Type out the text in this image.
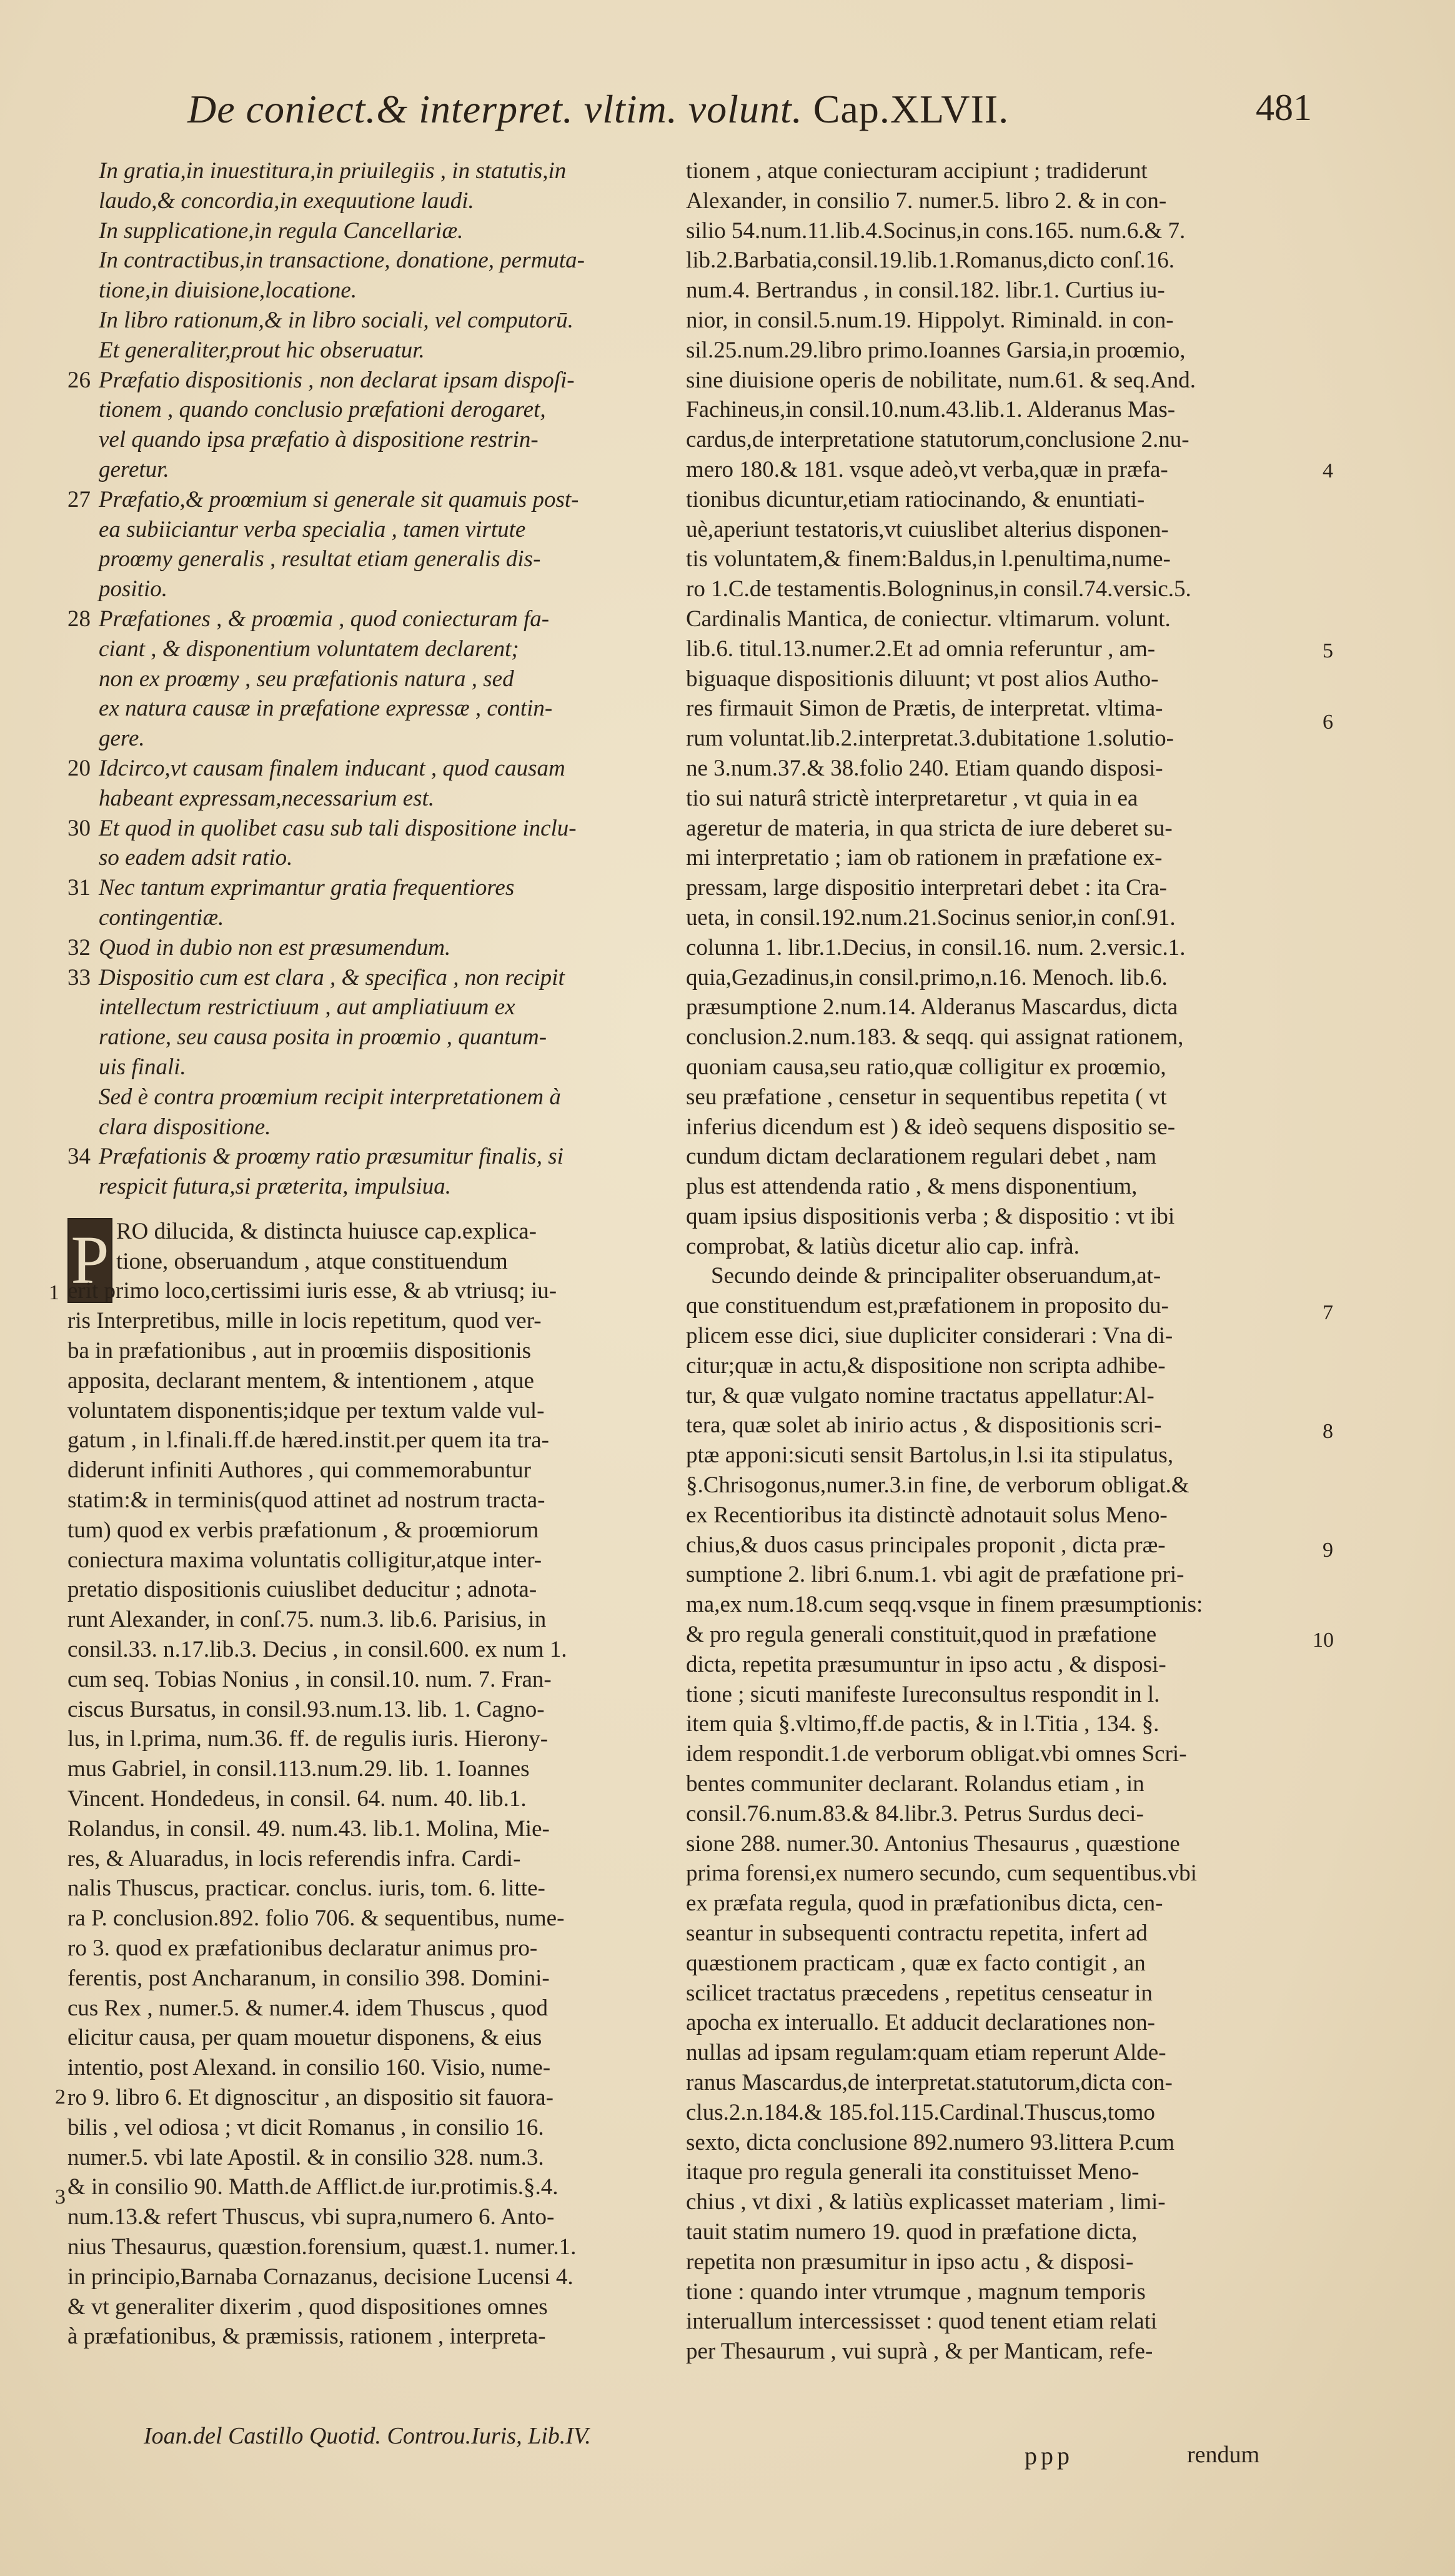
De coniect.& interpret. vltim. volunt. Cap.XLVII.	481
In gratia,in inuestitura,in priuilegiis , in statutis,in
laudo,& concordia,in exequutione laudi.
In supplicatione,in regula Cancellariæ.
In contractibus,in transactione, donatione, permuta-
tione,in diuisione,locatione.
In libro rationum,& in libro sociali, vel computorū.
Et generaliter,prout hic obseruatur.
26 Præfatio dispositionis , non declarat ipsam dispoſi-
tionem , quando conclusio præfationi derogaret,
vel quando ipsa præfatio à dispositione restrin-
geretur.
27 Præfatio,& proœmium si generale sit quamuis post-
ea subiiciantur verba specialia , tamen virtute
proœmy generalis , resultat etiam generalis dis-
positio.
28 Præfationes , & proœmia , quod coniecturam fa-
ciant , & disponentium voluntatem declarent;
non ex proœmy , seu præfationis natura , sed
ex natura causæ in præfatione expressæ , contin-
gere.
20 Idcirco,vt causam finalem inducant , quod causam
habeant expressam,necessarium est.
30 Et quod in quolibet casu sub tali dispositione inclu-
so eadem adsit ratio.
31 Nec tantum exprimantur gratia frequentiores
contingentiæ.
32 Quod in dubio non est præsumendum.
33 Dispositio cum est clara , & specifica , non recipit
intellectum restrictiuum , aut ampliatiuum ex
ratione, seu causa posita in proœmio , quantum-
uis finali.
Sed è contra proœmium recipit interpretationem à
clara dispositione.
34 Præfationis & proœmy ratio præsumitur finalis, si
respicit futura,si præterita, impulsiua.
P RO dilucida, & distincta huiusce cap.explica-
tione, obseruandum , atque constituendum
erit primo loco,certissimi iuris esse, & ab vtriusq; iu-
ris Interpretibus, mille in locis repetitum, quod ver-
ba in præfationibus , aut in proœmiis dispositionis
apposita, declarant mentem, & intentionem , atque
voluntatem disponentis;idque per textum valde vul-
gatum , in l.finali.ff.de hæred.instit.per quem ita tra-
diderunt infiniti Authores , qui commemorabuntur
statim:& in terminis(quod attinet ad nostrum tracta-
tum) quod ex verbis præfationum , & proœmiorum
coniectura maxima voluntatis colligitur,atque inter-
pretatio dispositionis cuiuslibet deducitur ; adnota-
runt Alexander, in conſ.75. num.3. lib.6. Parisius, in
consil.33. n.17.lib.3. Decius , in consil.600. ex num 1.
cum seq. Tobias Nonius , in consil.10. num. 7. Fran-
ciscus Bursatus, in consil.93.num.13. lib. 1. Cagno-
lus, in l.prima, num.36. ff. de regulis iuris. Hierony-
mus Gabriel, in consil.113.num.29. lib. 1. Ioannes
Vincent. Hondedeus, in consil. 64. num. 40. lib.1.
Rolandus, in consil. 49. num.43. lib.1. Molina, Mie-
res, & Aluaradus, in locis referendis infra. Cardi-
nalis Thuscus, practicar. conclus. iuris, tom. 6. litte-
ra P. conclusion.892. folio 706. & sequentibus, nume-
ro 3. quod ex præfationibus declaratur animus pro-
ferentis, post Ancharanum, in consilio 398. Domini-
cus Rex , numer.5. & numer.4. idem Thuscus , quod
elicitur causa, per quam mouetur disponens, & eius
intentio, post Alexand. in consilio 160. Visio, nume-
ro 9. libro 6. Et dignoscitur , an dispositio sit fauora-
bilis , vel odiosa ; vt dicit Romanus , in consilio 16.
numer.5. vbi late Apostil. & in consilio 328. num.3.
& in consilio 90. Matth.de Afflict.de iur.protimis.§.4.
num.13.& refert Thuscus, vbi supra,numero 6. Anto-
nius Thesaurus, quæstion.forensium, quæst.1. numer.1.
in principio,Barnaba Cornazanus, decisione Lucensi 4.
& vt generaliter dixerim , quod dispositiones omnes
à præfationibus, & præmissis, rationem , interpreta-
tionem , atque coniecturam accipiunt ; tradiderunt
Alexander, in consilio 7. numer.5. libro 2. & in con-
silio 54.num.11.lib.4.Socinus,in cons.165. num.6.& 7.
lib.2.Barbatia,consil.19.lib.1.Romanus,dicto conſ.16.
num.4. Bertrandus , in consil.182. libr.1. Curtius iu-
nior, in consil.5.num.19. Hippolyt. Riminald. in con-
sil.25.num.29.libro primo.Ioannes Garsia,in proœmio,
sine diuisione operis de nobilitate, num.61. & seq.And.
Fachineus,in consil.10.num.43.lib.1. Alderanus Mas-
cardus,de interpretatione statutorum,conclusione 2.nu-
mero 180.& 181. vsque adeò,vt verba,quæ in præfa-
tionibus dicuntur,etiam ratiocinando, & enuntiati-
uè,aperiunt testatoris,vt cuiuslibet alterius disponen-
tis voluntatem,& finem:Baldus,in l.penultima,nume-
ro 1.C.de testamentis.Bologninus,in consil.74.versic.5.
Cardinalis Mantica, de coniectur. vltimarum. volunt.
lib.6. titul.13.numer.2.Et ad omnia referuntur , am-
biguaque dispositionis diluunt; vt post alios Autho-
res firmauit Simon de Prætis, de interpretat. vltima-
rum voluntat.lib.2.interpretat.3.dubitatione 1.solutio-
ne 3.num.37.& 38.folio 240. Etiam quando disposi-
tio sui naturâ strictè interpretaretur , vt quia in ea
ageretur de materia, in qua stricta de iure deberet su-
mi interpretatio ; iam ob rationem in præfatione ex-
pressam, large dispositio interpretari debet : ita Cra-
ueta, in consil.192.num.21.Socinus senior,in conſ.91.
colunna 1. libr.1.Decius, in consil.16. num. 2.versic.1.
quia,Gezadinus,in consil.primo,n.16. Menoch. lib.6.
præsumptione 2.num.14. Alderanus Mascardus, dicta
conclusion.2.num.183. & seqq. qui assignat rationem,
quoniam causa,seu ratio,quæ colligitur ex proœmio,
seu præfatione , censetur in sequentibus repetita ( vt
inferius dicendum est ) & ideò sequens dispositio se-
cundum dictam declarationem regulari debet , nam
plus est attendenda ratio , & mens disponentium,
quam ipsius dispositionis verba ; & dispositio : vt ibi
comprobat, & latiùs dicetur alio cap. infrà.
Secundo deinde & principaliter obseruandum,at-
que constituendum est,præfationem in proposito du-
plicem esse dici, siue dupliciter considerari : Vna di-
citur;quæ in actu,& dispositione non scripta adhibe-
tur, & quæ vulgato nomine tractatus appellatur:Al-
tera, quæ solet ab inirio actus , & dispositionis scri-
ptæ apponi:sicuti sensit Bartolus,in l.si ita stipulatus,
§.Chrisogonus,numer.3.in fine, de verborum obligat.&
ex Recentioribus ita distinctè adnotauit solus Meno-
chius,& duos casus principales proponit , dicta præ-
sumptione 2. libri 6.num.1. vbi agit de præfatione pri-
ma,ex num.18.cum seqq.vsque in finem præsumptionis:
& pro regula generali constituit,quod in præfatione
dicta, repetita præsumuntur in ipso actu , & disposi-
tione ; sicuti manifeste Iureconsultus respondit in l.
item quia §.vltimo,ff.de pactis, & in l.Titia , 134. §.
idem respondit.1.de verborum obligat.vbi omnes Scri-
bentes communiter declarant. Rolandus etiam , in
consil.76.num.83.& 84.libr.3. Petrus Surdus deci-
sione 288. numer.30. Antonius Thesaurus , quæstione
prima forensi,ex numero secundo, cum sequentibus.vbi
ex præfata regula, quod in præfationibus dicta, cen-
seantur in subsequenti contractu repetita, infert ad
quæstionem practicam , quæ ex facto contigit , an
scilicet tractatus præcedens , repetitus censeatur in
apocha ex interuallo. Et adducit declarationes non-
nullas ad ipsam regulam:quam etiam reperunt Alde-
ranus Mascardus,de interpretat.statutorum,dicta con-
clus.2.n.184.& 185.fol.115.Cardinal.Thuscus,tomo
sexto, dicta conclusione 892.numero 93.littera P.cum
itaque pro regula generali ita constituisset Meno-
chius , vt dixi , & latiùs explicasset materiam , limi-
tauit statim numero 19. quod in præfatione dicta,
repetita non præsumitur in ipso actu , & disposi-
tione : quando inter vtrumque , magnum temporis
interuallum intercessisset : quod tenent etiam relati
per Thesaurum , vui suprà , & per Manticam, refe-
1
2
3
4
5
6
7
8
9
10
Ioan.del Castillo Quotid. Controu.Iuris, Lib.IV.
ppp	rendum
